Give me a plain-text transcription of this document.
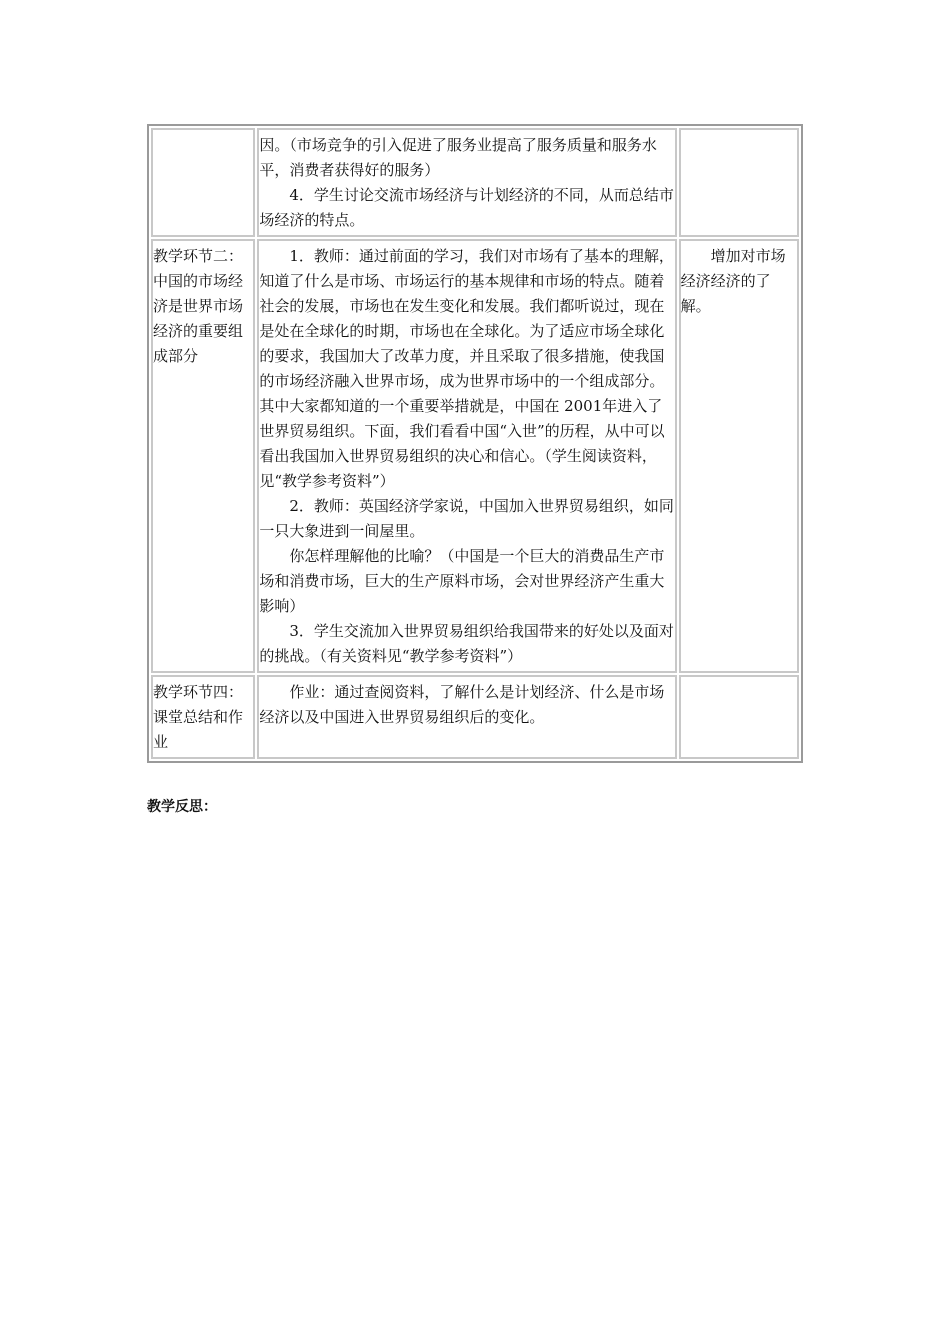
	因。（市场竞争的引入促进了服务业提高了服务质量和服务水平，消费者获得好的服务）

4．学生讨论交流市场经济与计划经济的不同，从而总结市场经济的特点。	

教学环节二：中国的市场经济是世界市场经济的重要组成部分	1．教师：通过前面的学习，我们对市场有了基本的理解，知道了什么是市场、市场运行的基本规律和市场的特点。随着社会的发展，市场也在发生变化和发展。我们都听说过，现在是处在全球化的时期，市场也在全球化。为了适应市场全球化的要求，我国加大了改革力度，并且采取了很多措施，使我国的市场经济融入世界市场，成为世界市场中的一个组成部分。其中大家都知道的一个重要举措就是，中国在 2001年进入了世界贸易组织。下面，我们看看中国“入世”的历程，从中可以看出我国加入世界贸易组织的决心和信心。（学生阅读资料，见“教学参考资料”）

2．教师：英国经济学家说，中国加入世界贸易组织，如同一只大象进到一间屋里。

你怎样理解他的比喻？（中国是一个巨大的消费品生产市场和消费市场，巨大的生产原料市场，会对世界经济产生重大影响）

3．学生交流加入世界贸易组织给我国带来的好处以及面对的挑战。（有关资料见“教学参考资料”）	增加对市场经济经济的了解。

教学环节四：课堂总结和作业	作业：通过查阅资料，了解什么是计划经济、什么是市场经济以及中国进入世界贸易组织后的变化。	

教学反思：
